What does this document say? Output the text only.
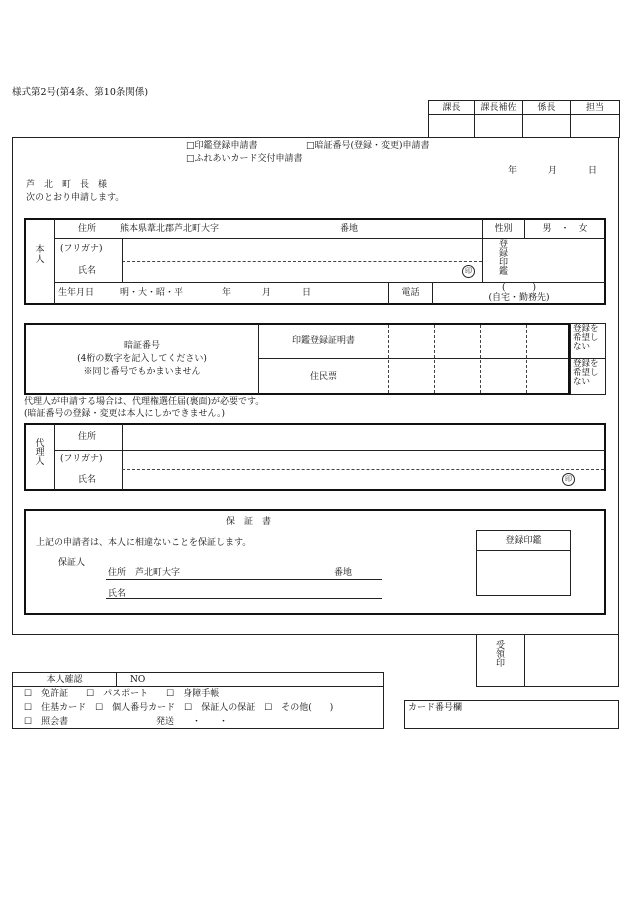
様式第2号(第4条、第10条関係)
課長	課長補佐	係長	担当
□印鑑登録申請書	□暗証番号(登録・変更)申請書
□ふれあいカード交付申請書
年	月	日
芦　北　町　長　様
次のとおり申請します。
本
人
住所	熊本県葦北郡芦北町大字	番地	性別	男　・　女
(フリガナ)
氏名	印
登
録
印
鑑
生年月日	明・大・昭・平	年	月	日	電話	(　　　)
(自宅・勤務先)
暗証番号
(4桁の数字を記入してください)
※同じ番号でもかまいません
印鑑登録証明書
住民票
登録を
希望し
ない
登録を
希望し
ない
代理人が申請する場合は、代理権選任届(裏面)が必要です。
(暗証番号の登録・変更は本人にしかできません。)
代
理
人
住所
(フリガナ)
氏名	印
保　証　書
上記の申請者は、本人に相違ないことを保証します。
保証人
住所　芦北町大字	番地
氏名
登録印鑑
受
領
印
本人確認	NO
☐　免許証　　☐　パスポート　　☐　身障手帳
☐　住基カード　☐　個人番号カード　☐　保証人の保証　☐　その他(　　)
☐　照会書	発送　　・　　・
カード番号欄
